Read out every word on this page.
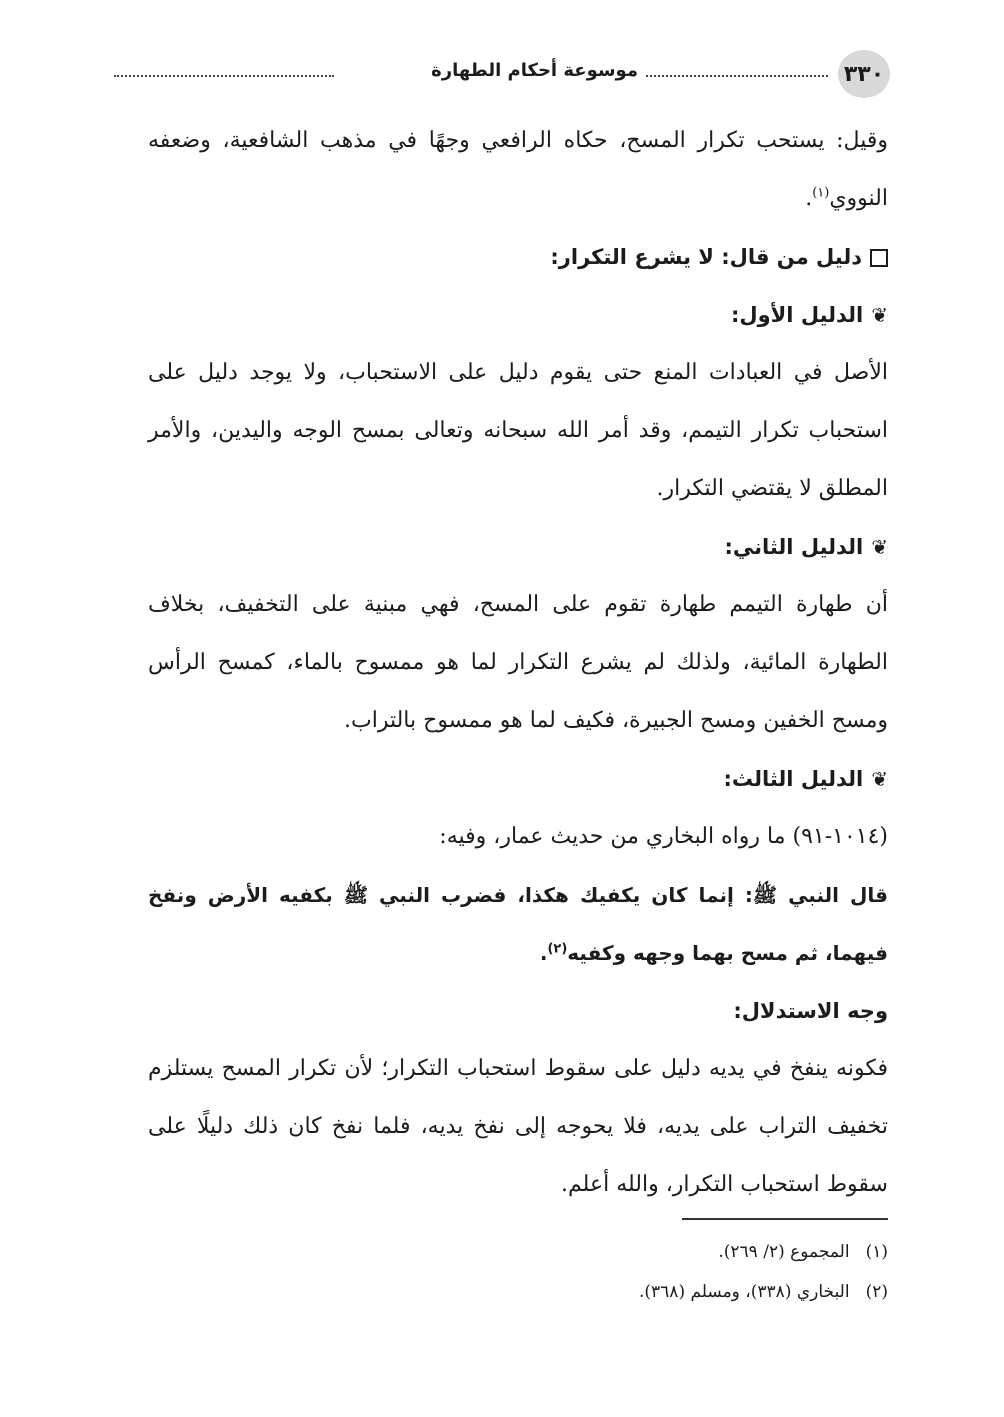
٣٣٠
موسوعة أحكام الطهارة

وقيل: يستحب تكرار المسح، حكاه الرافعي وجهًا في مذهب الشافعية، وضعفه النووي$^{(١)}$.

دليل من قال: لا يشرع التكرار:

❦الدليل الأول:

الأصل في العبادات المنع حتى يقوم دليل على الاستحباب، ولا يوجد دليل على استحباب تكرار التيمم، وقد أمر الله سبحانه وتعالى بمسح الوجه واليدين، والأمر المطلق لا يقتضي التكرار.

❦الدليل الثاني:

أن طهارة التيمم طهارة تقوم على المسح، فهي مبنية على التخفيف، بخلاف الطهارة المائية، ولذلك لم يشرع التكرار لما هو ممسوح بالماء، كمسح الرأس ومسح الخفين ومسح الجبيرة، فكيف لما هو ممسوح بالتراب.

❦الدليل الثالث:

(١٠١٤-٩١) ما رواه البخاري من حديث عمار، وفيه:

قال النبي ﷺ: إنما كان يكفيك هكذا، فضرب النبي ﷺ بكفيه الأرض ونفخ فيهما، ثم مسح بهما وجهه وكفيه$^{(٢)}$.

وجه الاستدلال:

فكونه ينفخ في يديه دليل على سقوط استحباب التكرار؛ لأن تكرار المسح يستلزم تخفيف التراب على يديه، فلا يحوجه إلى نفخ يديه، فلما نفخ كان ذلك دليلًا على سقوط استحباب التكرار، والله أعلم.

(١)المجموع (٢/ ٢٦٩).

(٢)البخاري (٣٣٨)، ومسلم (٣٦٨).
